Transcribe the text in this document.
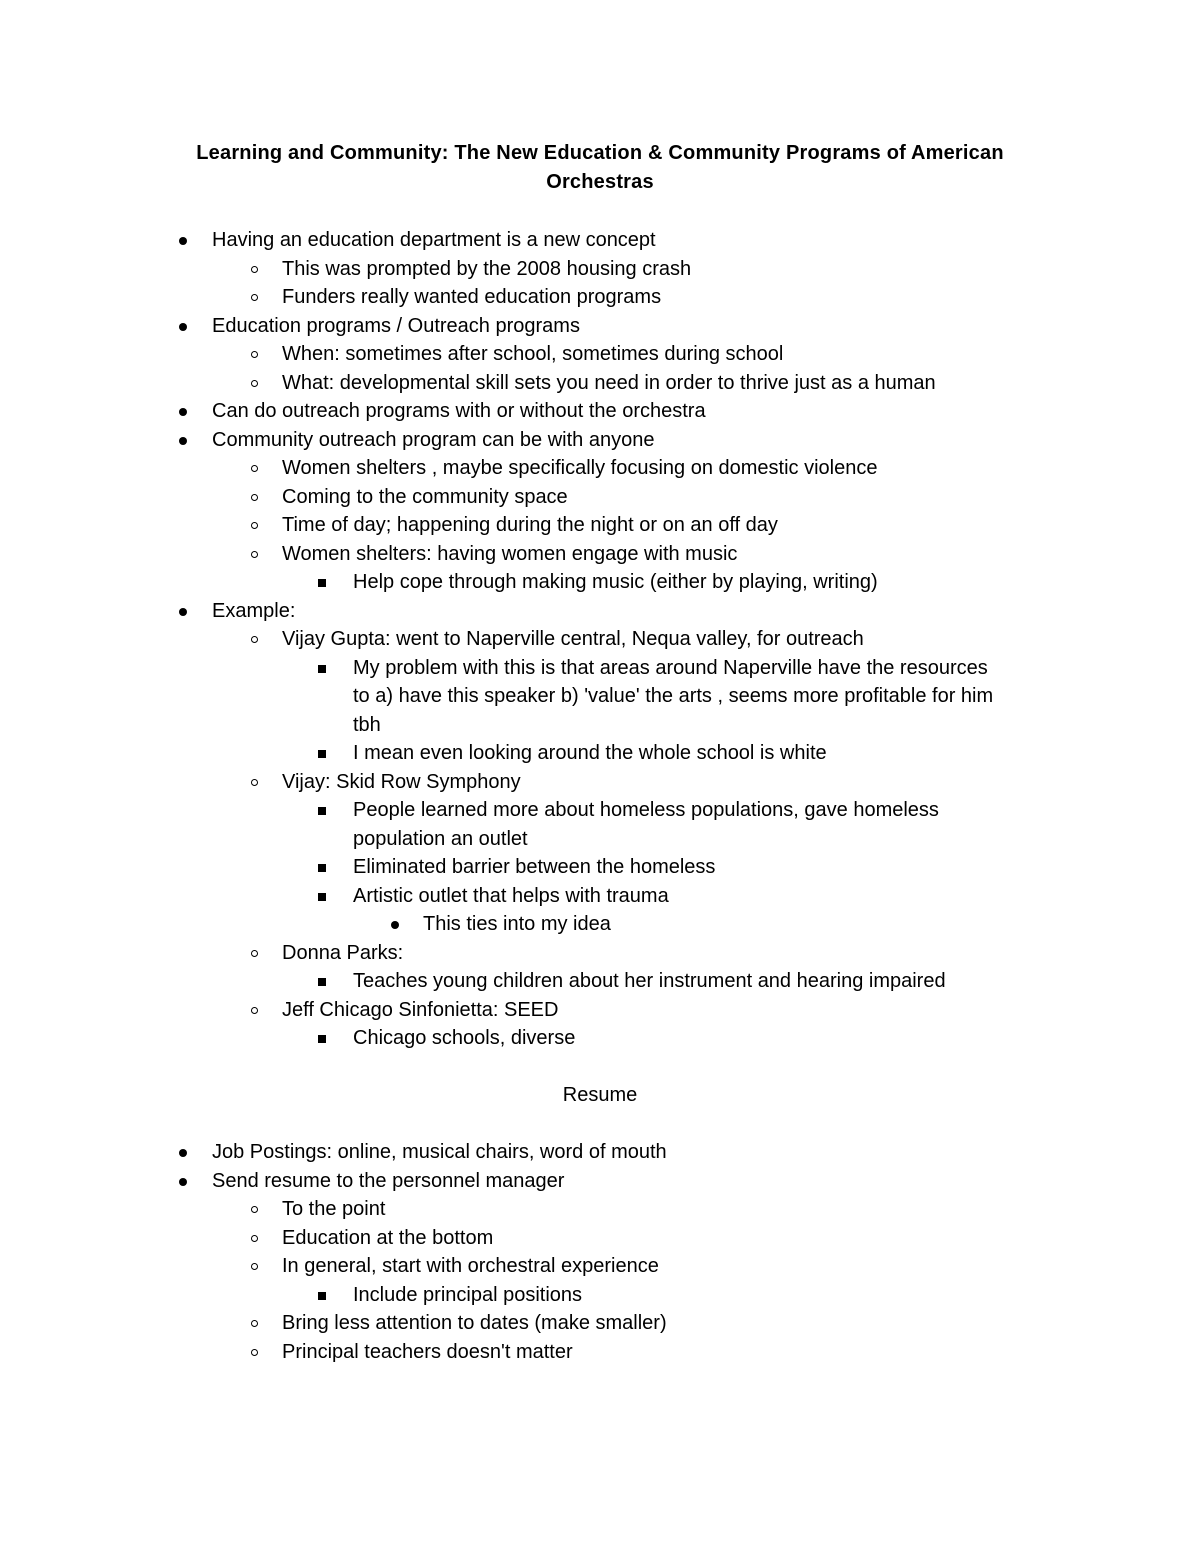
Learning and Community: The New Education & Community Programs of American Orchestras
Having an education department is a new concept
This was prompted by the 2008 housing crash
Funders really wanted education programs
Education programs / Outreach programs
When: sometimes after school, sometimes during school
What: developmental skill sets you need in order to thrive just as a human
Can do outreach programs with or without the orchestra
Community outreach program can be with anyone
Women shelters , maybe specifically focusing on domestic violence
Coming to the community space
Time of day; happening during the night or on an off day
Women shelters: having women engage with music
Help cope through making music (either by playing, writing)
Example:
Vijay Gupta: went to Naperville central, Nequa valley, for outreach
My problem with this is that areas around Naperville have the resources
to a) have this speaker b) 'value' the arts , seems more profitable for him
tbh
I mean even looking around the whole school is white
Vijay: Skid Row Symphony
People learned more about homeless populations, gave homeless
population an outlet
Eliminated barrier between the homeless
Artistic outlet that helps with trauma
This ties into my idea
Donna Parks:
Teaches young children about her instrument and hearing impaired
Jeff Chicago Sinfonietta: SEED
Chicago schools, diverse
Resume
Job Postings: online, musical chairs, word of mouth
Send resume to the personnel manager
To the point
Education at the bottom
In general, start with orchestral experience
Include principal positions
Bring less attention to dates (make smaller)
Principal teachers doesn't matter
